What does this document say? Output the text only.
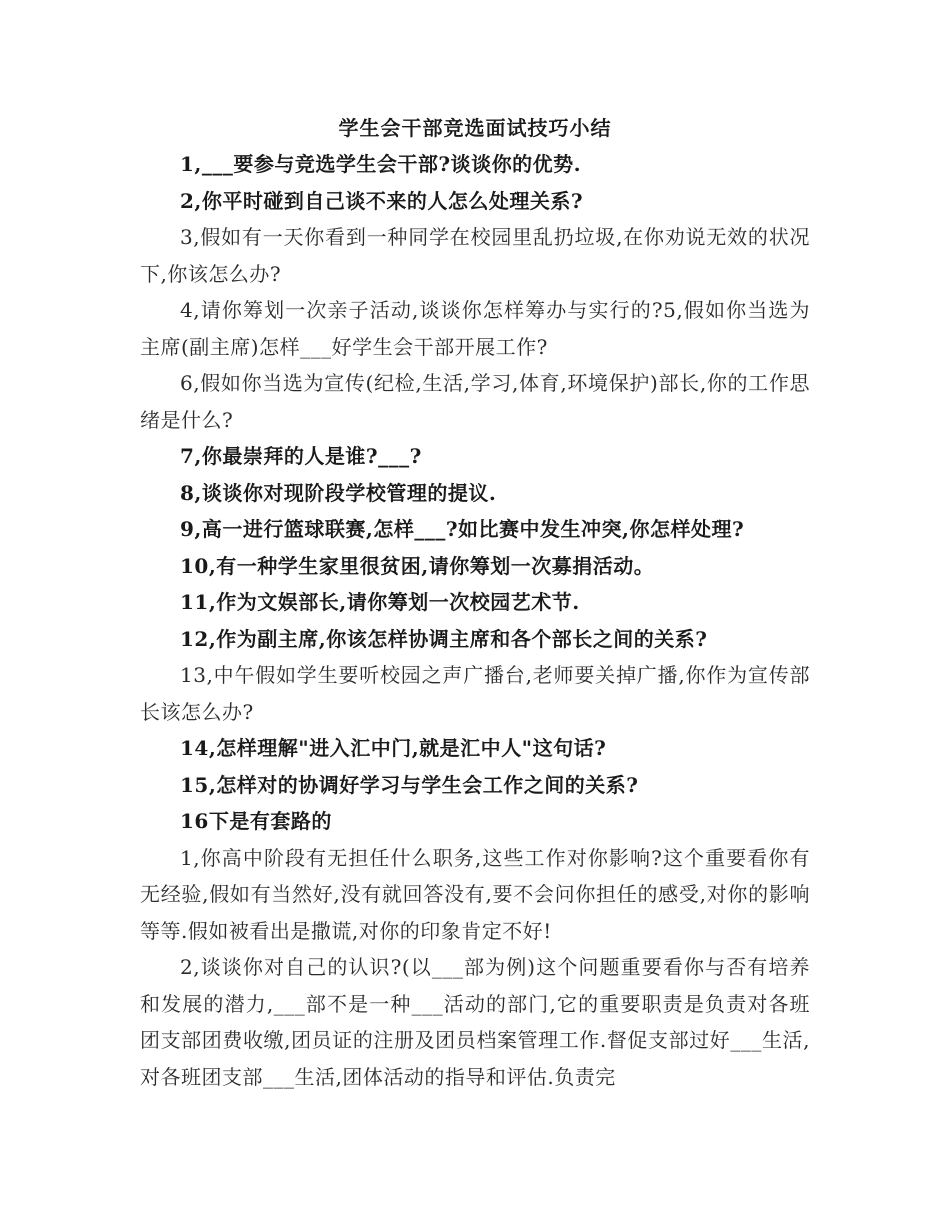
学生会干部竞选面试技巧小结

1,___要参与竞选学生会干部?谈谈你的优势.

2,你平时碰到自己谈不来的人怎么处理关系?

3,假如有一天你看到一种同学在校园里乱扔垃圾,在你劝说无效的状况下,你该怎么办?

4,请你筹划一次亲子活动,谈谈你怎样筹办与实行的?5,假如你当选为主席(副主席)怎样___好学生会干部开展工作?

6,假如你当选为宣传(纪检,生活,学习,体育,环境保护)部长,你的工作思绪是什么?

7,你最崇拜的人是谁?___?

8,谈谈你对现阶段学校管理的提议.

9,高一进行篮球联赛,怎样___?如比赛中发生冲突,你怎样处理?

10,有一种学生家里很贫困,请你筹划一次募捐活动。

11,作为文娱部长,请你筹划一次校园艺术节.

12,作为副主席,你该怎样协调主席和各个部长之间的关系?

13,中午假如学生要听校园之声广播台,老师要关掉广播,你作为宣传部长该怎么办?

14,怎样理解"进入汇中门,就是汇中人"这句话?

15,怎样对的协调好学习与学生会工作之间的关系?

16下是有套路的

1,你高中阶段有无担任什么职务,这些工作对你影响?这个重要看你有无经验,假如有当然好,没有就回答没有,要不会问你担任的感受,对你的影响等等.假如被看出是撒谎,对你的印象肯定不好!

2,谈谈你对自己的认识?(以___部为例)这个问题重要看你与否有培养和发展的潜力,___部不是一种___活动的部门,它的重要职责是负责对各班团支部团费收缴,团员证的注册及团员档案管理工作.督促支部过好___生活,对各班团支部___生活,团体活动的指导和评估.负责完
